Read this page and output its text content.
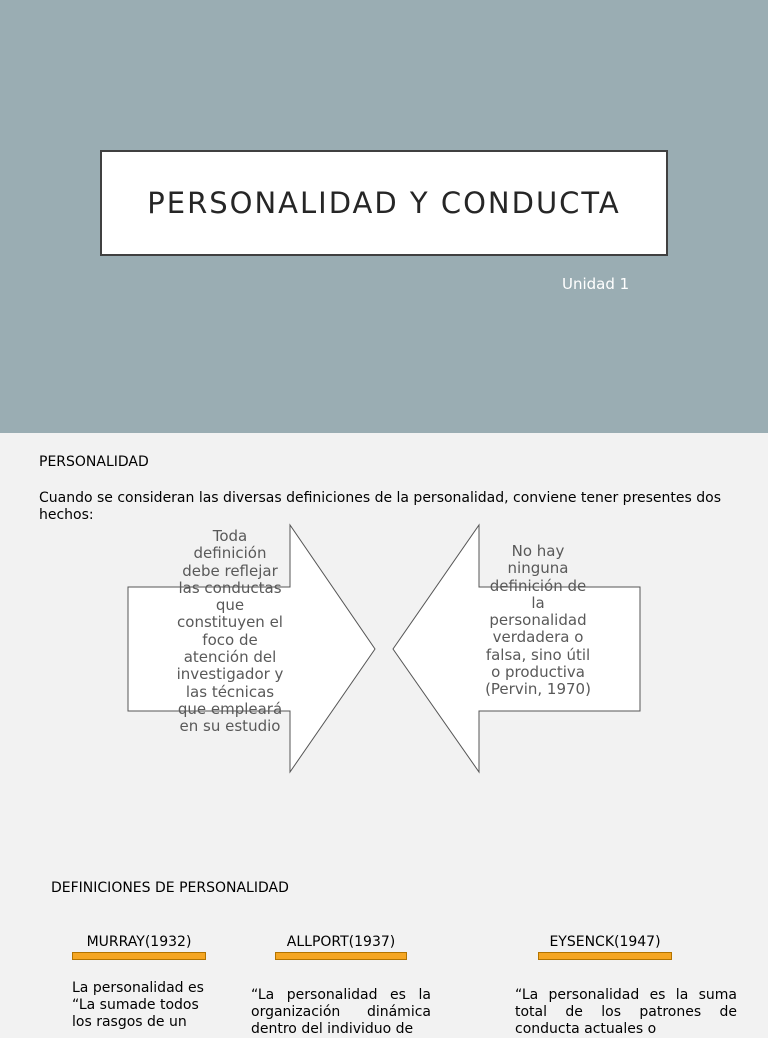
PERSONALIDAD Y CONDUCTA
Unidad 1
PERSONALIDAD
Cuando se consideran las diversas definiciones de la personalidad, conviene tener presentes dos hechos:
Toda definición debe reflejar las conductas que constituyen el foco de atención del investigador y las técnicas que empleará en su estudio
No hay ninguna definición de la personalidad verdadera o falsa, sino útil o productiva (Pervin, 1970)
DEFINICIONES DE PERSONALIDAD
MURRAY(1932)
La personalidad es “La sumade todos los rasgos de un
ALLPORT(1937)
“La personalidad es la organización dinámica dentro del individuo de
EYSENCK(1947)
“La personalidad es la suma total de los patrones de conducta actuales o
